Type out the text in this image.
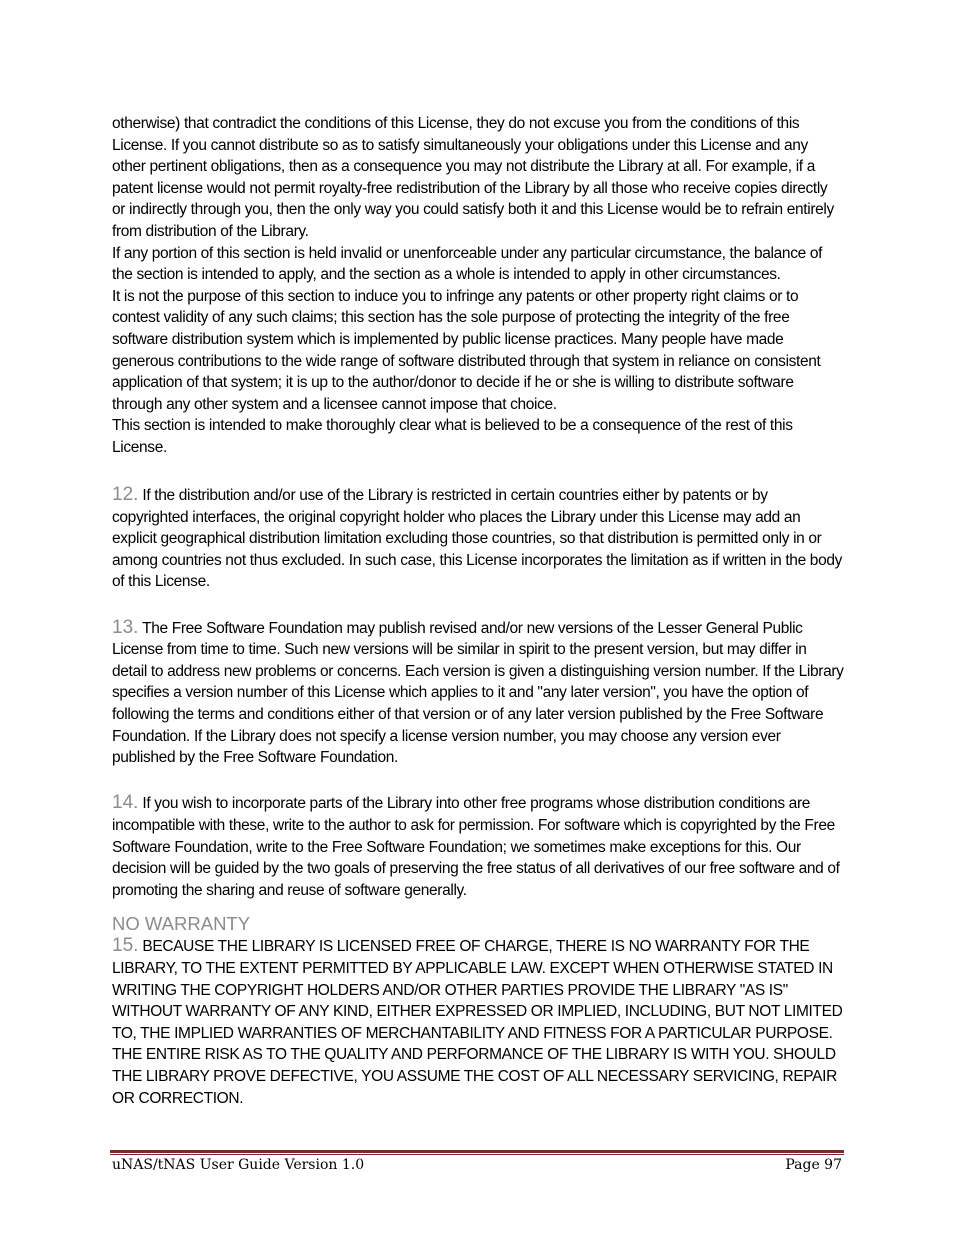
otherwise) that contradict the conditions of this License, they do not excuse you from the conditions of this License. If you cannot distribute so as to satisfy simultaneously your obligations under this License and any other pertinent obligations, then as a consequence you may not distribute the Library at all. For example, if a patent license would not permit royalty-free redistribution of the Library by all those who receive copies directly or indirectly through you, then the only way you could satisfy both it and this License would be to refrain entirely from distribution of the Library.

If any portion of this section is held invalid or unenforceable under any particular circumstance, the balance of the section is intended to apply, and the section as a whole is intended to apply in other circumstances.

It is not the purpose of this section to induce you to infringe any patents or other property right claims or to contest validity of any such claims; this section has the sole purpose of protecting the integrity of the free software distribution system which is implemented by public license practices. Many people have made generous contributions to the wide range of software distributed through that system in reliance on consistent application of that system; it is up to the author/donor to decide if he or she is willing to distribute software through any other system and a licensee cannot impose that choice.

This section is intended to make thoroughly clear what is believed to be a consequence of the rest of this License.

12. If the distribution and/or use of the Library is restricted in certain countries either by patents or by copyrighted interfaces, the original copyright holder who places the Library under this License may add an explicit geographical distribution limitation excluding those countries, so that distribution is permitted only in or among countries not thus excluded. In such case, this License incorporates the limitation as if written in the body of this License.

13. The Free Software Foundation may publish revised and/or new versions of the Lesser General Public License from time to time. Such new versions will be similar in spirit to the present version, but may differ in detail to address new problems or concerns. Each version is given a distinguishing version number. If the Library specifies a version number of this License which applies to it and "any later version", you have the option of following the terms and conditions either of that version or of any later version published by the Free Software Foundation. If the Library does not specify a license version number, you may choose any version ever published by the Free Software Foundation.

14. If you wish to incorporate parts of the Library into other free programs whose distribution conditions are incompatible with these, write to the author to ask for permission. For software which is copyrighted by the Free Software Foundation, write to the Free Software Foundation; we sometimes make exceptions for this. Our decision will be guided by the two goals of preserving the free status of all derivatives of our free software and of promoting the sharing and reuse of software generally.

NO WARRANTY

15. BECAUSE THE LIBRARY IS LICENSED FREE OF CHARGE, THERE IS NO WARRANTY FOR THE LIBRARY, TO THE EXTENT PERMITTED BY APPLICABLE LAW. EXCEPT WHEN OTHERWISE STATED IN WRITING THE COPYRIGHT HOLDERS AND/OR OTHER PARTIES PROVIDE THE LIBRARY "AS IS" WITHOUT WARRANTY OF ANY KIND, EITHER EXPRESSED OR IMPLIED, INCLUDING, BUT NOT LIMITED TO, THE IMPLIED WARRANTIES OF MERCHANTABILITY AND FITNESS FOR A PARTICULAR PURPOSE. THE ENTIRE RISK AS TO THE QUALITY AND PERFORMANCE OF THE LIBRARY IS WITH YOU. SHOULD THE LIBRARY PROVE DEFECTIVE, YOU ASSUME THE COST OF ALL NECESSARY SERVICING, REPAIR OR CORRECTION.

uNAS/tNAS User Guide Version 1.0	Page 97
